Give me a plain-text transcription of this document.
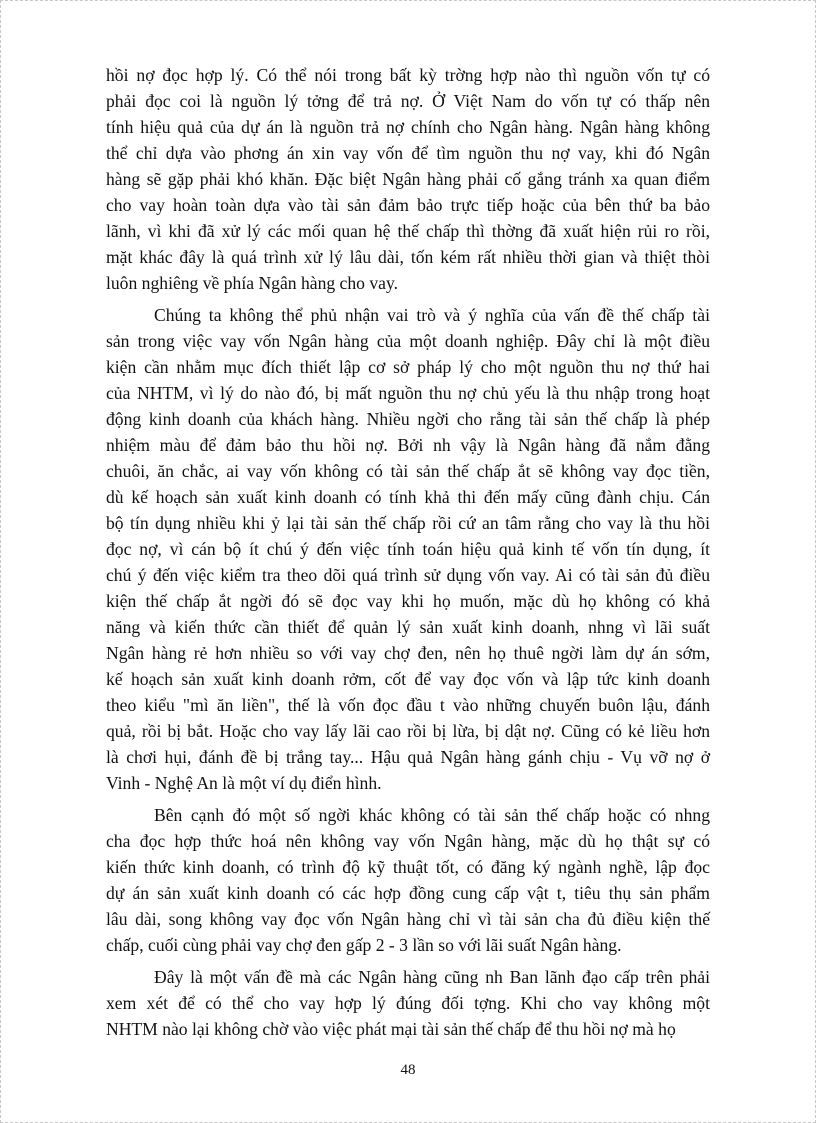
hồi nợ đọc hợp lý. Có thể nói trong bất kỳ trờng hợp nào thì nguồn vốn tự có
phải đọc coi là nguồn lý tởng để trả nợ. Ở Việt Nam do vốn tự có thấp nên
tính hiệu quả của dự án là nguồn trả nợ chính cho Ngân hàng. Ngân hàng không
thể chỉ dựa vào phơng án xin vay vốn để tìm nguồn thu nợ vay, khi đó Ngân
hàng sẽ gặp phải khó khăn. Đặc biệt Ngân hàng phải cố gắng tránh xa quan điểm
cho vay hoàn toàn dựa vào tài sản đảm bảo trực tiếp hoặc của bên thứ ba bảo
lãnh, vì khi đã xử lý các mối quan hệ thế chấp thì thờng đã xuất hiện rủi ro rồi,
mặt khác đây là quá trình xử lý lâu dài, tốn kém rất nhiều thời gian và thiệt thòi
luôn nghiêng về phía Ngân hàng cho vay.
Chúng ta không thể phủ nhận vai trò và ý nghĩa của vấn đề thế chấp tài
sản trong việc vay vốn Ngân hàng của một doanh nghiệp. Đây chỉ là một điều
kiện cần nhằm mục đích thiết lập cơ sở pháp lý cho một nguồn thu nợ thứ hai
của NHTM, vì lý do nào đó, bị mất nguồn thu nợ chủ yếu là thu nhập trong hoạt
động kinh doanh của khách hàng. Nhiều ngời cho rằng tài sản thế chấp là phép
nhiệm màu để đảm bảo thu hồi nợ. Bởi nh vậy là Ngân hàng đã nắm đằng
chuôi, ăn chắc, ai vay vốn không có tài sản thế chấp ắt sẽ không vay đọc tiền,
dù kế hoạch sản xuất kinh doanh có tính khả thi đến mấy cũng đành chịu. Cán
bộ tín dụng nhiều khi ỷ lại tài sản thế chấp rồi cứ an tâm rằng cho vay là thu hồi
đọc nợ, vì cán bộ ít chú ý đến việc tính toán hiệu quả kinh tế vốn tín dụng, ít
chú ý đến việc kiểm tra theo dõi quá trình sử dụng vốn vay. Ai có tài sản đủ điều
kiện thế chấp ắt ngời đó sẽ đọc vay khi họ muốn, mặc dù họ không có khả
năng và kiến thức cần thiết để quản lý sản xuất kinh doanh, nhng vì lãi suất
Ngân hàng rẻ hơn nhiều so với vay chợ đen, nên họ thuê ngời làm dự án sớm,
kế hoạch sản xuất kinh doanh rởm, cốt để vay đọc vốn và lập tức kinh doanh
theo kiểu "mì ăn liền", thế là vốn đọc đầu t vào những chuyến buôn lậu, đánh
quả, rồi bị bắt. Hoặc cho vay lấy lãi cao rồi bị lừa, bị dật nợ. Cũng có kẻ liều hơn
là chơi hụi, đánh đề bị trắng tay... Hậu quả Ngân hàng gánh chịu - Vụ vỡ nợ ở
Vinh - Nghệ An là một ví dụ điển hình.
Bên cạnh đó một số ngời khác không có tài sản thế chấp hoặc có nhng
cha đọc hợp thức hoá nên không vay vốn Ngân hàng, mặc dù họ thật sự có
kiến thức kinh doanh, có trình độ kỹ thuật tốt, có đăng ký ngành nghề, lập đọc
dự án sản xuất kinh doanh có các hợp đồng cung cấp vật t, tiêu thụ sản phẩm
lâu dài, song không vay đọc vốn Ngân hàng chỉ vì tài sản cha đủ điều kiện thế
chấp, cuối cùng phải vay chợ đen gấp 2 - 3 lần so với lãi suất Ngân hàng.
Đây là một vấn đề mà các Ngân hàng cũng nh Ban lãnh đạo cấp trên phải
xem xét để có thể cho vay hợp lý đúng đối tợng. Khi cho vay không một
NHTM nào lại không chờ vào việc phát mại tài sản thế chấp để thu hồi nợ mà họ
48
